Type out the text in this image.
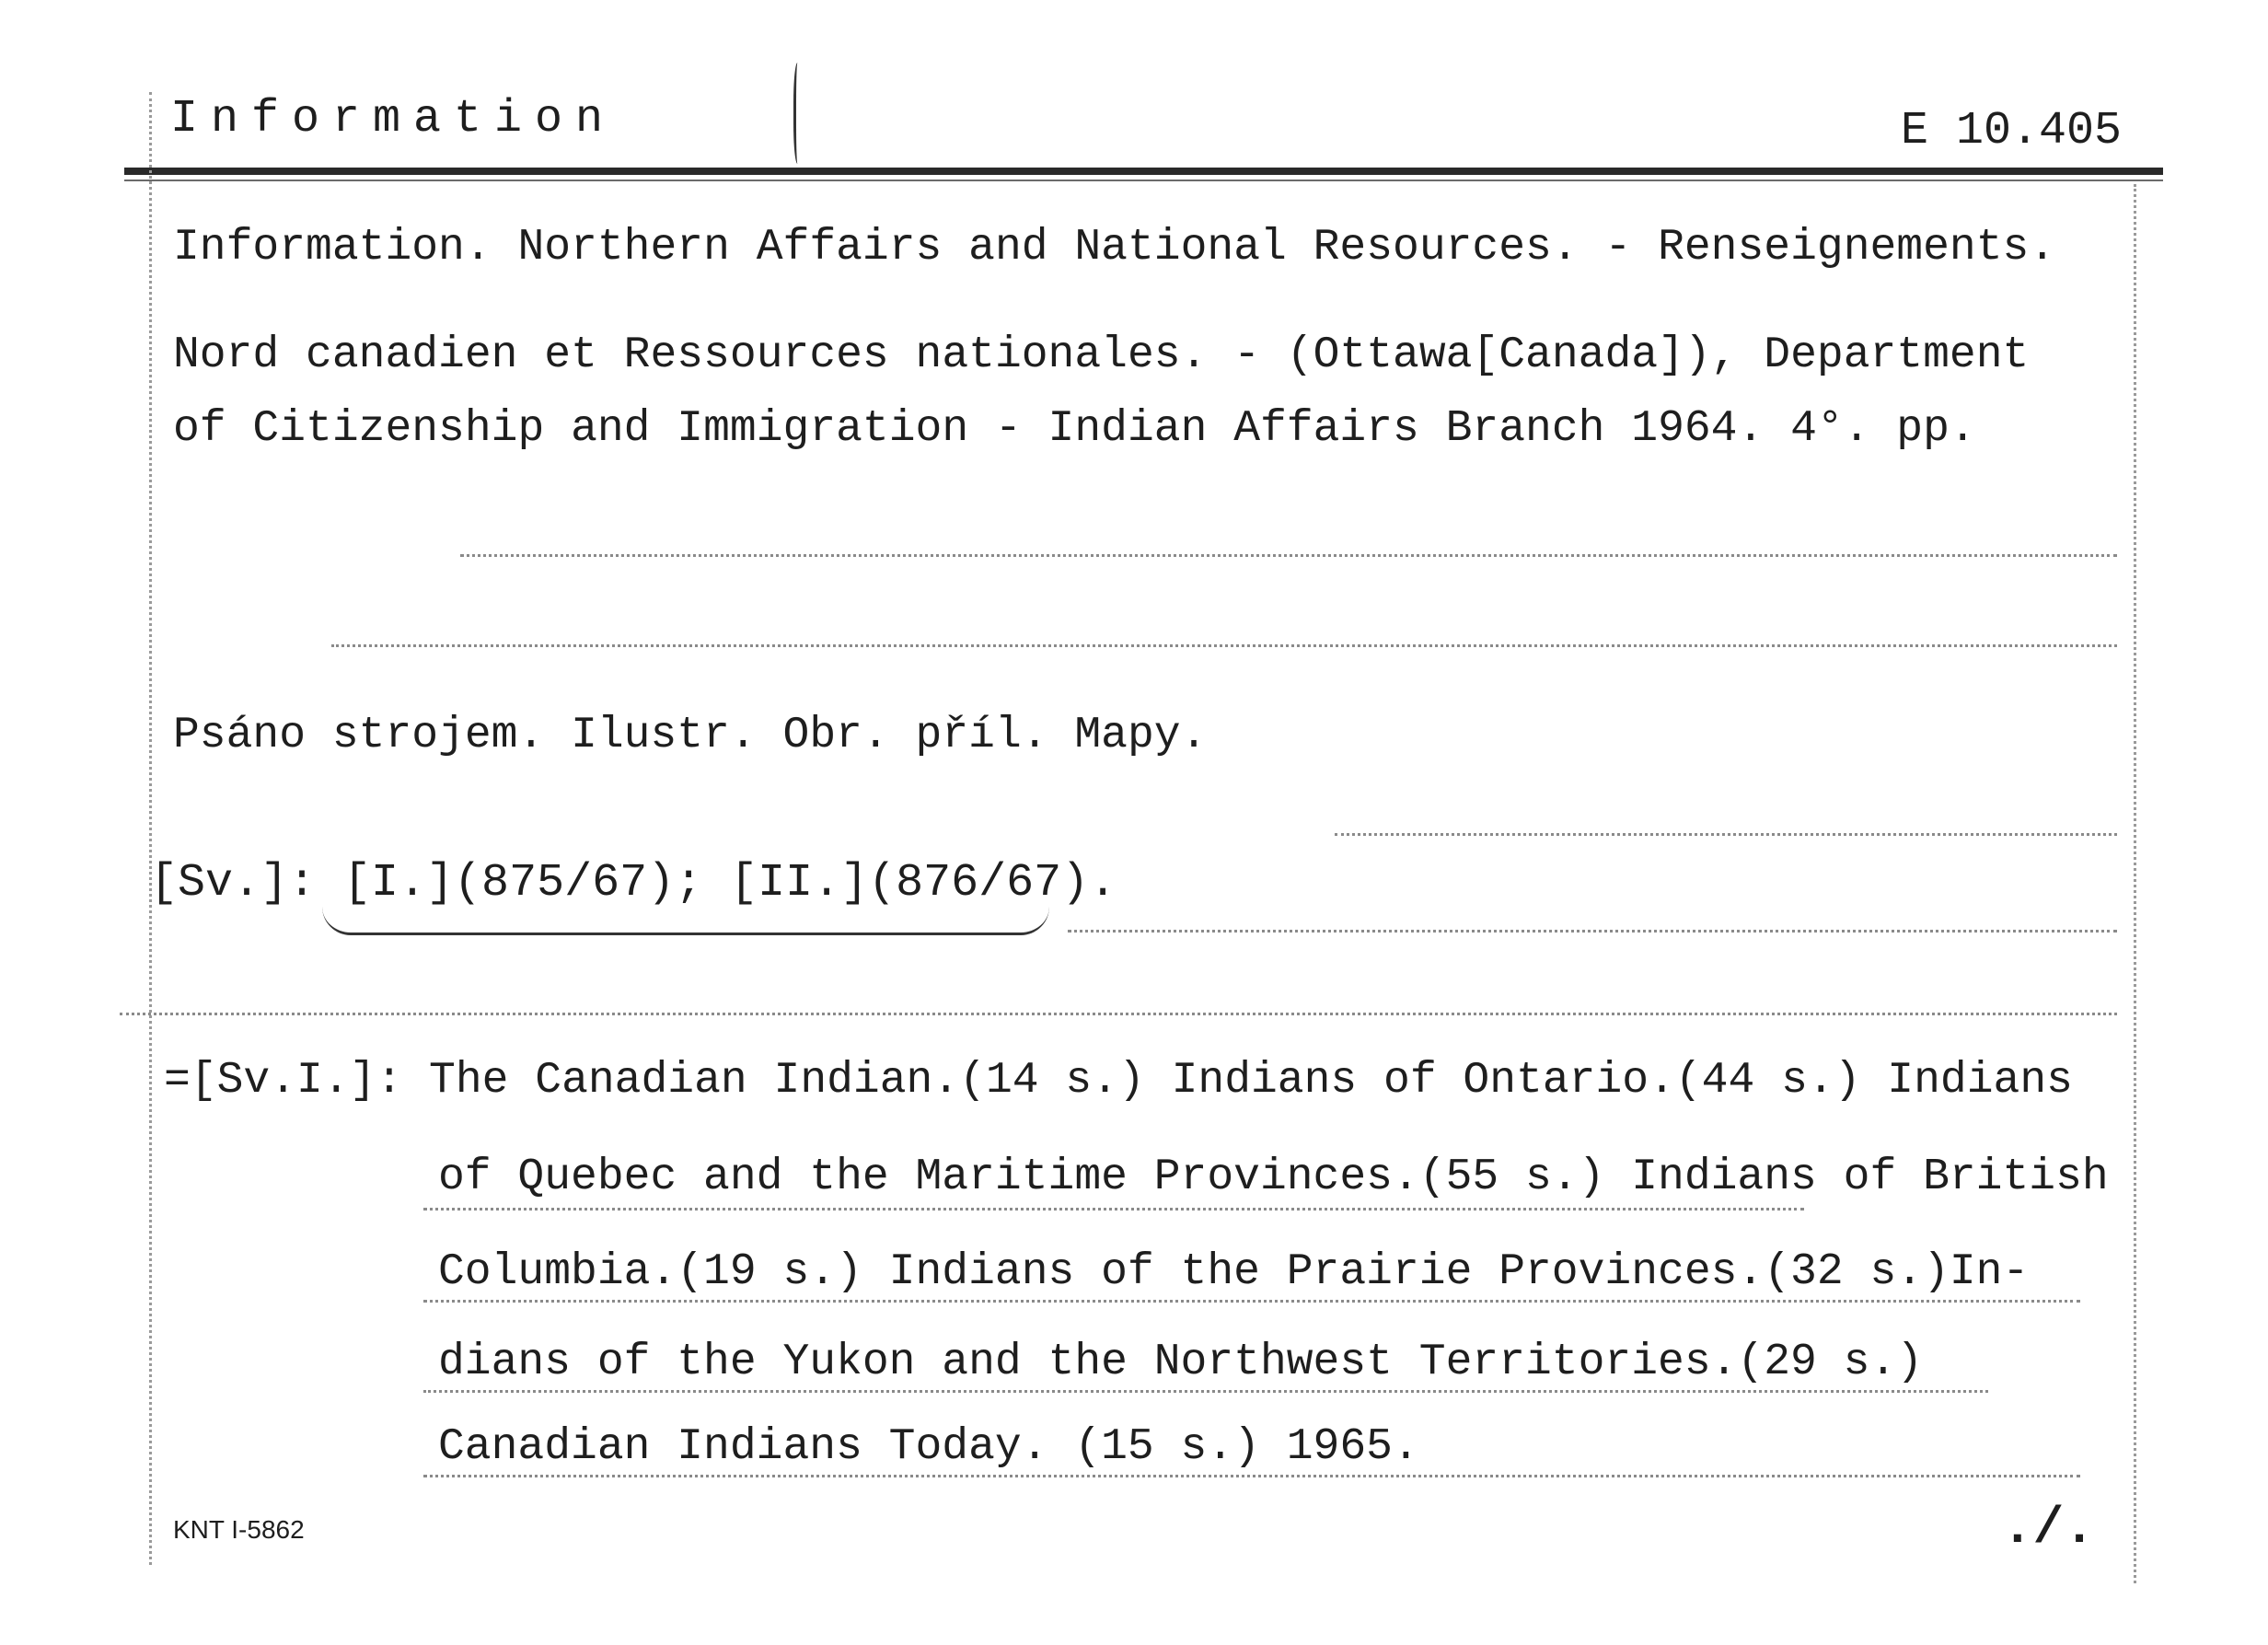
Information	E 10.405
Information. Northern Affairs and National Resources. - Renseignements.
Nord canadien et Ressources nationales. - (Ottawa[Canada]), Department
of Citizenship and Immigration - Indian Affairs Branch 1964. 4°. pp.
Psáno strojem. Ilustr. Obr. příl. Mapy.
[Sv.]: [I.](875/67); [II.](876/67).
=[Sv.I.]: The Canadian Indian.(14 s.) Indians of Ontario.(44 s.) Indians
of Quebec and the Maritime Provinces.(55 s.) Indians of British
Columbia.(19 s.) Indians of the Prairie Provinces.(32 s.)In-
dians of the Yukon and the Northwest Territories.(29 s.)
Canadian Indians Today. (15 s.) 1965.
KNT I-5862	./.
